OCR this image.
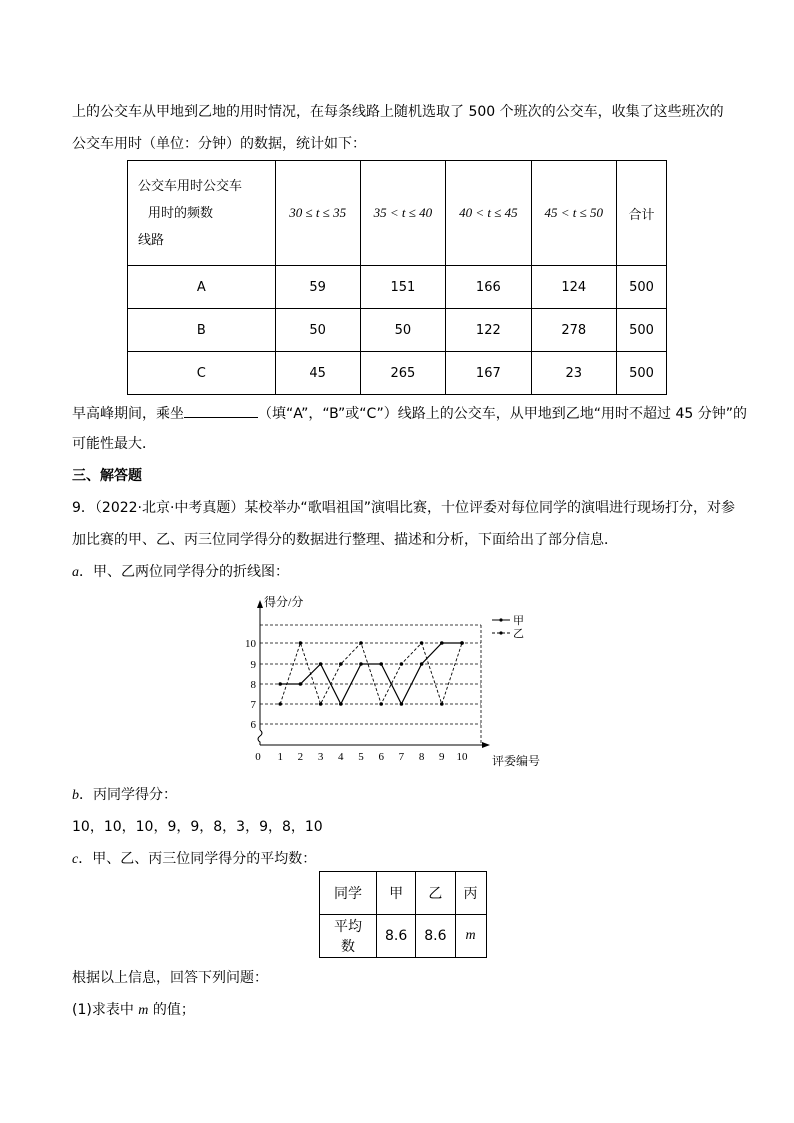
上的公交车从甲地到乙地的用时情况，在每条线路上随机选取了 500 个班次的公交车，收集了这些班次的
公交车用时（单位：分钟）的数据，统计如下：
公交车用时公交车
用时的频数
线路	30 ≤ t ≤ 35	35 < t ≤ 40	40 < t ≤ 45	45 < t ≤ 50	合计
A	59	151	166	124	500
B	50	50	122	278	500
C	45	265	167	23	500
早高峰期间，乘坐	（填“A”，“B”或“C”）线路上的公交车，从甲地到乙地“用时不超过 45 分钟”的
可能性最大．
三、解答题
9．（2022·北京·中考真题）某校举办“歌唱祖国”演唱比赛，十位评委对每位同学的演唱进行现场打分，对参
加比赛的甲、乙、丙三位同学得分的数据进行整理、描述和分析，下面给出了部分信息．
a．甲、乙两位同学得分的折线图：
6
7
8
9
10
0 1 2 3 4 5 6 7 8 9 10
得分/分
评委编号
甲
乙
b．丙同学得分：
10，10，10，9，9，8，3，9，8，10
c．甲、乙、丙三位同学得分的平均数：
同学	甲	乙	丙
平均数	8.6	8.6	m
根据以上信息，回答下列问题：
(1)求表中 m 的值；
